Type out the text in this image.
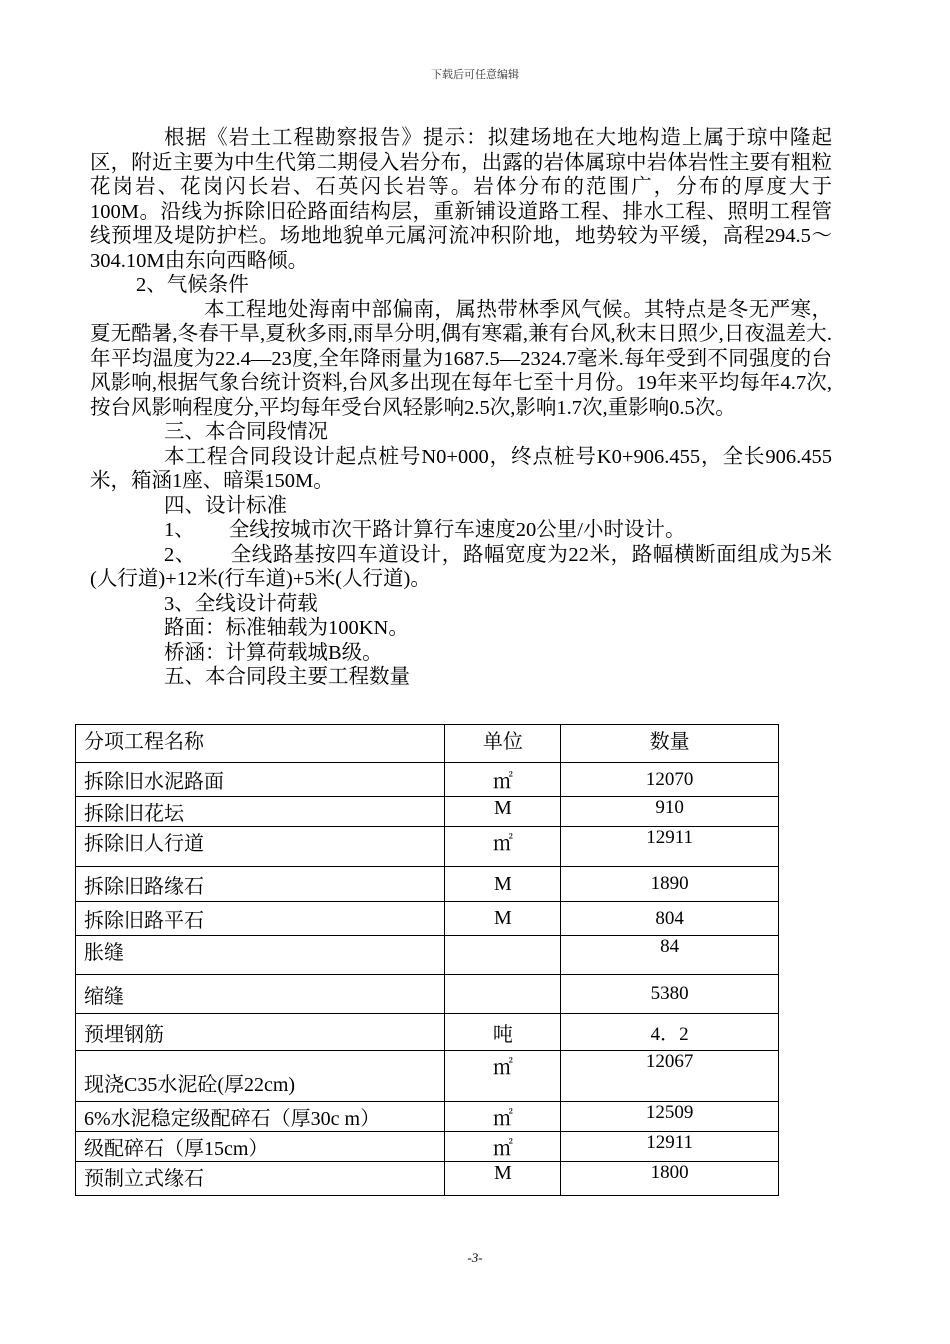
下载后可任意编辑

根据《岩土工程勘察报告》提示：拟建场地在大地构造上属于琼中隆起区，附近主要为中生代第二期侵入岩分布，出露的岩体属琼中岩体岩性主要有粗粒花岗岩、花岗闪长岩、石英闪长岩等。岩体分布的范围广，分布的厚度大于100M。沿线为拆除旧砼路面结构层，重新铺设道路工程、排水工程、照明工程管线预埋及堤防护栏。场地地貌单元属河流冲积阶地，地势较为平缓，高程294.5～304.10M由东向西略倾。

2、气候条件

本工程地处海南中部偏南，属热带林季风气候。其特点是冬无严寒，夏无酷暑,冬春干旱,夏秋多雨,雨旱分明,偶有寒霜,兼有台风,秋末日照少,日夜温差大.年平均温度为22.4—23度,全年降雨量为1687.5—2324.7毫米.每年受到不同强度的台风影响,根据气象台统计资料,台风多出现在每年七至十月份。19年来平均每年4.7次,按台风影响程度分,平均每年受台风轻影响2.5次,影响1.7次,重影响0.5次。

三、本合同段情况

本工程合同段设计起点桩号N0+000，终点桩号K0+906.455，全长906.455米，箱涵1座、暗渠150M。

四、设计标准

1、 全线按城市次干路计算行车速度20公里/小时设计。

2、 全线路基按四车道设计，路幅宽度为22米，路幅横断面组成为5米(人行道)+12米(行车道)+5米(人行道)。

3、全线设计荷载

路面：标准轴载为100KN。

桥涵：计算荷载城B级。

五、本合同段主要工程数量

分项工程名称	单位	数量
拆除旧水泥路面	㎡	12070
拆除旧花坛	M	910
拆除旧人行道	㎡	12911
拆除旧路缘石	M	1890
拆除旧路平石	M	804
胀缝		84
缩缝		5380
预埋钢筋	吨	4．2
现浇C35水泥砼(厚22cm)	㎡	12067
6%水泥稳定级配碎石（厚30c m）	㎡	12509
级配碎石（厚15cm）	㎡	12911
预制立式缘石	M	1800
-3-
